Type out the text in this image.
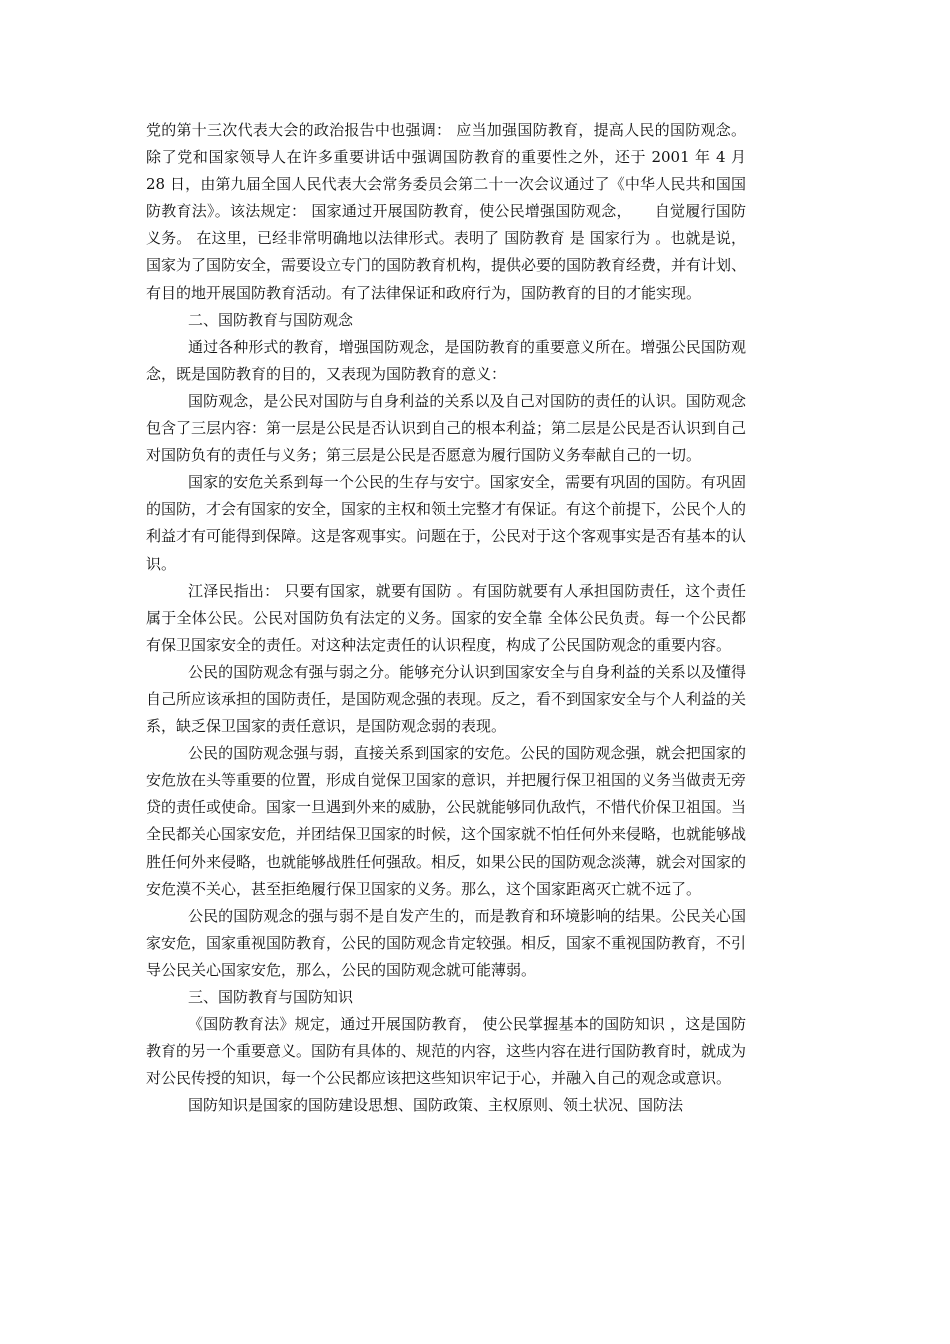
党的第十三次代表大会的政治报告中也强调： 应当加强国防教育，提高人民的国防观念。 除了党和国家领导人在许多重要讲话中强调国防教育的重要性之外，还于 2001 年 4 月 28 日，由第九届全国人民代表大会常务委员会第二十一次会议通过了《中华人民共和国国防教育法》。该法规定： 国家通过开展国防教育，使公民增强国防观念，　　自觉履行国防义务。 在这里，已经非常明确地以法律形式。表明了 国防教育 是 国家行为 。也就是说，国家为了国防安全，需要设立专门的国防教育机构，提供必要的国防教育经费，并有计划、有目的地开展国防教育活动。有了法律保证和政府行为，国防教育的目的才能实现。

二、国防教育与国防观念

通过各种形式的教育，增强国防观念，是国防教育的重要意义所在。增强公民国防观念，既是国防教育的目的，又表现为国防教育的意义：

国防观念，是公民对国防与自身利益的关系以及自己对国防的责任的认识。国防观念包含了三层内容：第一层是公民是否认识到自己的根本利益；第二层是公民是否认识到自己对国防负有的责任与义务；第三层是公民是否愿意为履行国防义务奉献自己的一切。

国家的安危关系到每一个公民的生存与安宁。国家安全，需要有巩固的国防。有巩固的国防，才会有国家的安全，国家的主权和领土完整才有保证。有这个前提下，公民个人的利益才有可能得到保障。这是客观事实。问题在于，公民对于这个客观事实是否有基本的认识。

江泽民指出： 只要有国家，就要有国防 。有国防就要有人承担国防责任，这个责任属于全体公民。公民对国防负有法定的义务。国家的安全靠 全体公民负责。每一个公民都有保卫国家安全的责任。对这种法定责任的认识程度，构成了公民国防观念的重要内容。

公民的国防观念有强与弱之分。能够充分认识到国家安全与自身利益的关系以及懂得自己所应该承担的国防责任，是国防观念强的表现。反之，看不到国家安全与个人利益的关系，缺乏保卫国家的责任意识，是国防观念弱的表现。

公民的国防观念强与弱，直接关系到国家的安危。公民的国防观念强，就会把国家的安危放在头等重要的位置，形成自觉保卫国家的意识，并把履行保卫祖国的义务当做责无旁贷的责任或使命。国家一旦遇到外来的威胁，公民就能够同仇敌忾，不惜代价保卫祖国。当全民都关心国家安危，并团结保卫国家的时候，这个国家就不怕任何外来侵略，也就能够战胜任何外来侵略，也就能够战胜任何强敌。相反，如果公民的国防观念淡薄，就会对国家的安危漠不关心，甚至拒绝履行保卫国家的义务。那么，这个国家距离灭亡就不远了。

公民的国防观念的强与弱不是自发产生的，而是教育和环境影响的结果。公民关心国家安危，国家重视国防教育，公民的国防观念肯定较强。相反，国家不重视国防教育，不引导公民关心国家安危，那么，公民的国防观念就可能薄弱。

三、国防教育与国防知识

《国防教育法》规定，通过开展国防教育， 使公民掌握基本的国防知识 ，这是国防教育的另一个重要意义。国防有具体的、规范的内容，这些内容在进行国防教育时，就成为对公民传授的知识，每一个公民都应该把这些知识牢记于心，并融入自己的观念或意识。

国防知识是国家的国防建设思想、国防政策、主权原则、领土状况、国防法
